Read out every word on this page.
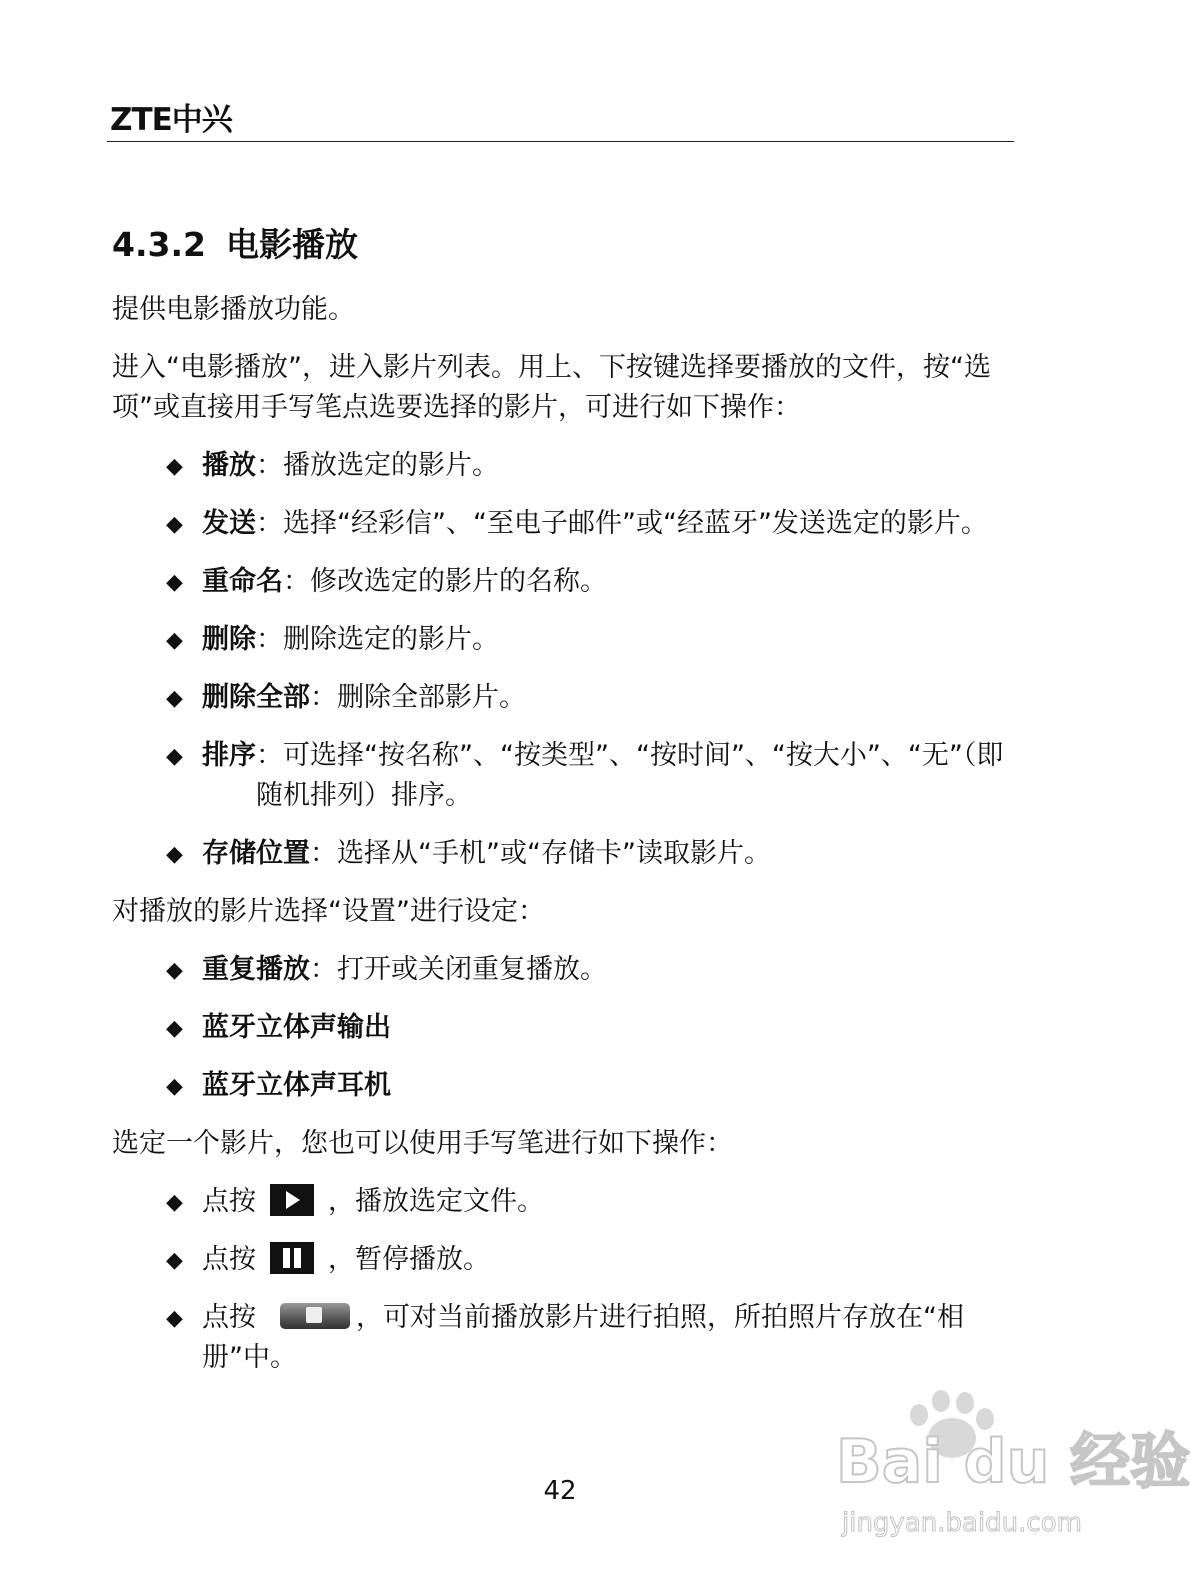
ZTE中兴
4.3.2 电影播放

提供电影播放功能。

进入“电影播放”，进入影片列表。用上、下按键选择要播放的文件，按“选项”或直接用手写笔点选要选择的影片，可进行如下操作：

◆ 播放 ：播放选定的影片。
◆ 发送 ：选择“经彩信”、“至电子邮件”或“经蓝牙”发送选定的影片。
◆ 重命名 ：修改选定的影片的名称。
◆ 删除 ：删除选定的影片。
◆ 删除全部 ：删除全部影片。
◆ 排序 ：可选择“按名称”、“按类型”、“按时间”、“按大小”、“无”（即随机排列）排序。
◆ 存储位置 ：选择从“手机”或“存储卡”读取影片。

对播放的影片选择“设置”进行设定：

◆ 重复播放：打开或关闭重复播放。
◆ 蓝牙立体声输出
◆ 蓝牙立体声耳机

选定一个影片，您也可以使用手写笔进行如下操作：

◆ 点按	，播放选定文件。
◆ 点按	，暂停播放。
◆ 点按	，可对当前播放影片进行拍照，所拍照片存放在“相册”中。
42	Bai du 经验
jingyan.baidu.com
